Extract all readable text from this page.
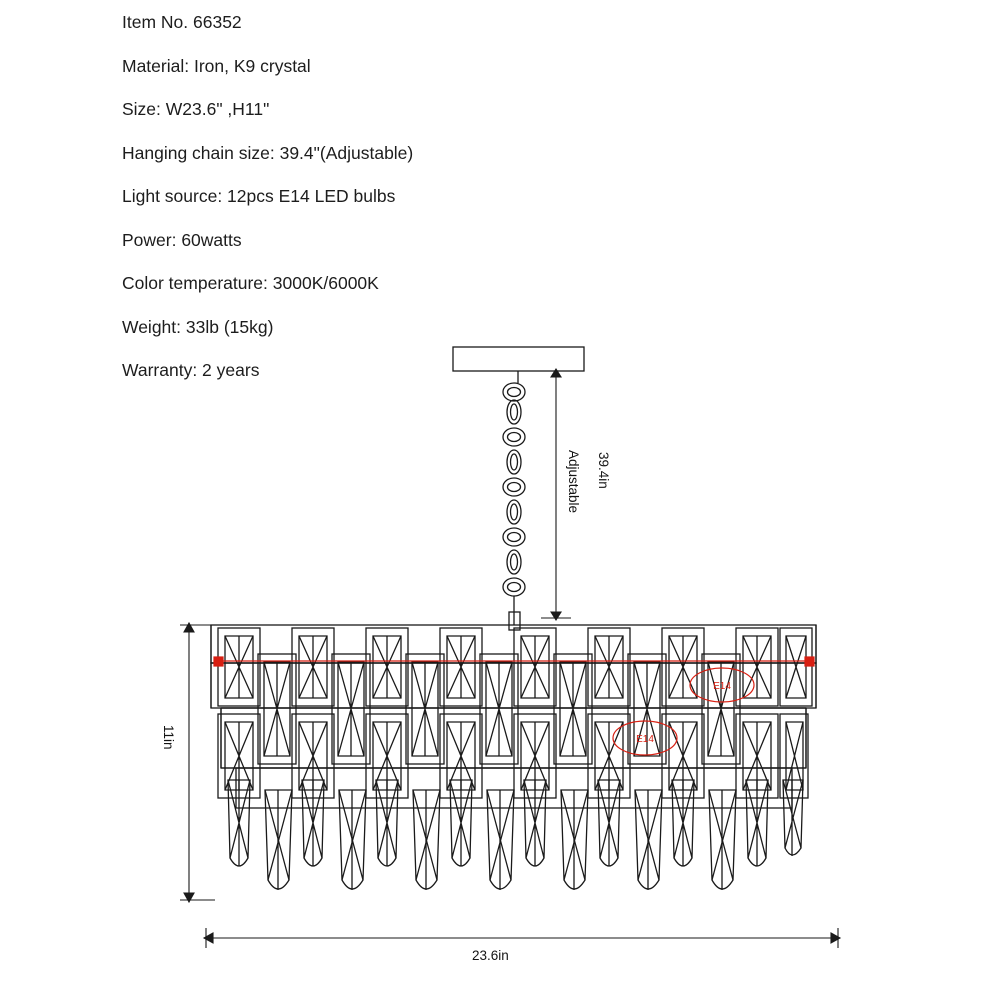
Item No. 66352
Material: Iron, K9 crystal
Size: W23.6" ,H11"
Hanging chain size: 39.4"(Adjustable)
Light source: 12pcs E14 LED bulbs
Power: 60watts
Color temperature: 3000K/6000K
Weight: 33lb (15kg)
Warranty: 2 years
E14
E14
Adjustable 39.4in
11in
23.6in
